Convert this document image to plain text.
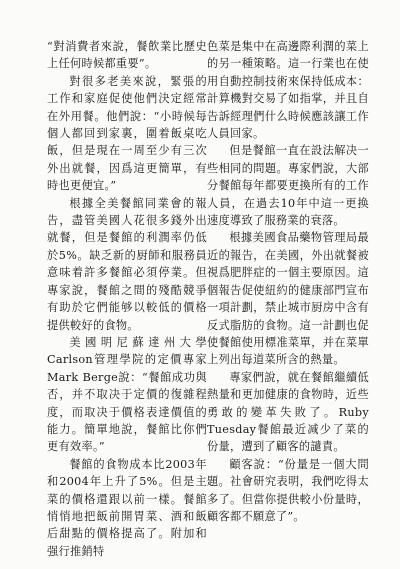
“對消費者來說，餐飲業比歷史上任何時候都重要”。

對很多老美來說，緊張的工作和家庭促使他們決定經常在外用餐。他們說：“小時候每個人都回到家裏，圍着飯桌吃飯，但是現在一周至少有三次外出就餐，因爲這更簡單，有時也更便宜。”

根據全美餐館同業會的報告，盡管美國人花很多錢外出就餐，但是餐館的利潤率仍低於5%。缺乏新的厨師和服務員意味着許多餐館必須停業。但專家說，餐館之間的殘酷競爭有助於它們能够以較低的價格提供較好的食物。

美國明尼蘇達州大學Carlson管理學院的定價專家Mark Berge說：“餐館成功與否，并不取决于定價的復雜程度，而取决于價格表達價值的能力。簡單地說，餐館比你們更有效率。”

餐館的食物成本比2003年和2004年上升了5%。但是主菜的價格還跟以前一樣。餐館悄悄地把飯前開胃菜、酒和飯后甜點的價格提高了。附加和强行推銷特

色菜是集中在高邊際利潤的菜上的另一種策略。這一行業也在使用自動控制技術來保持低成本：計算機對交易了如指掌，并且自告訴經理們什么時候應該讓工作人員回家。

但是餐館一直在設法解决一些相同的問題。專家們說，大部分餐館每年都要更換所有的工作人員，在過去10年中這一更换速度導致了服務業的衰落。

根據美國食品藥物管理局最近的報告，在美國，外出就餐被視爲肥胖症的一個主要原因。這個報告促使紐約的健康部門宣布一項計劃，禁止城市厨房中含有反式脂肪的食物。這一計劃也促使餐館使用標准菜單，并在菜單上列出每道菜所含的熱量。

專家們說，就在餐館繼續低熱量和更加健康的食物時，近些勇敢的變革失敗了。Ruby Tuesday餐館最近减少了菜的份量，遭到了顧客的譴責。

顧客說：“份量是一個大問題。社會研究表明，我們吃得太多了。但當你提供較小份量時，顧客都不願意了”。
